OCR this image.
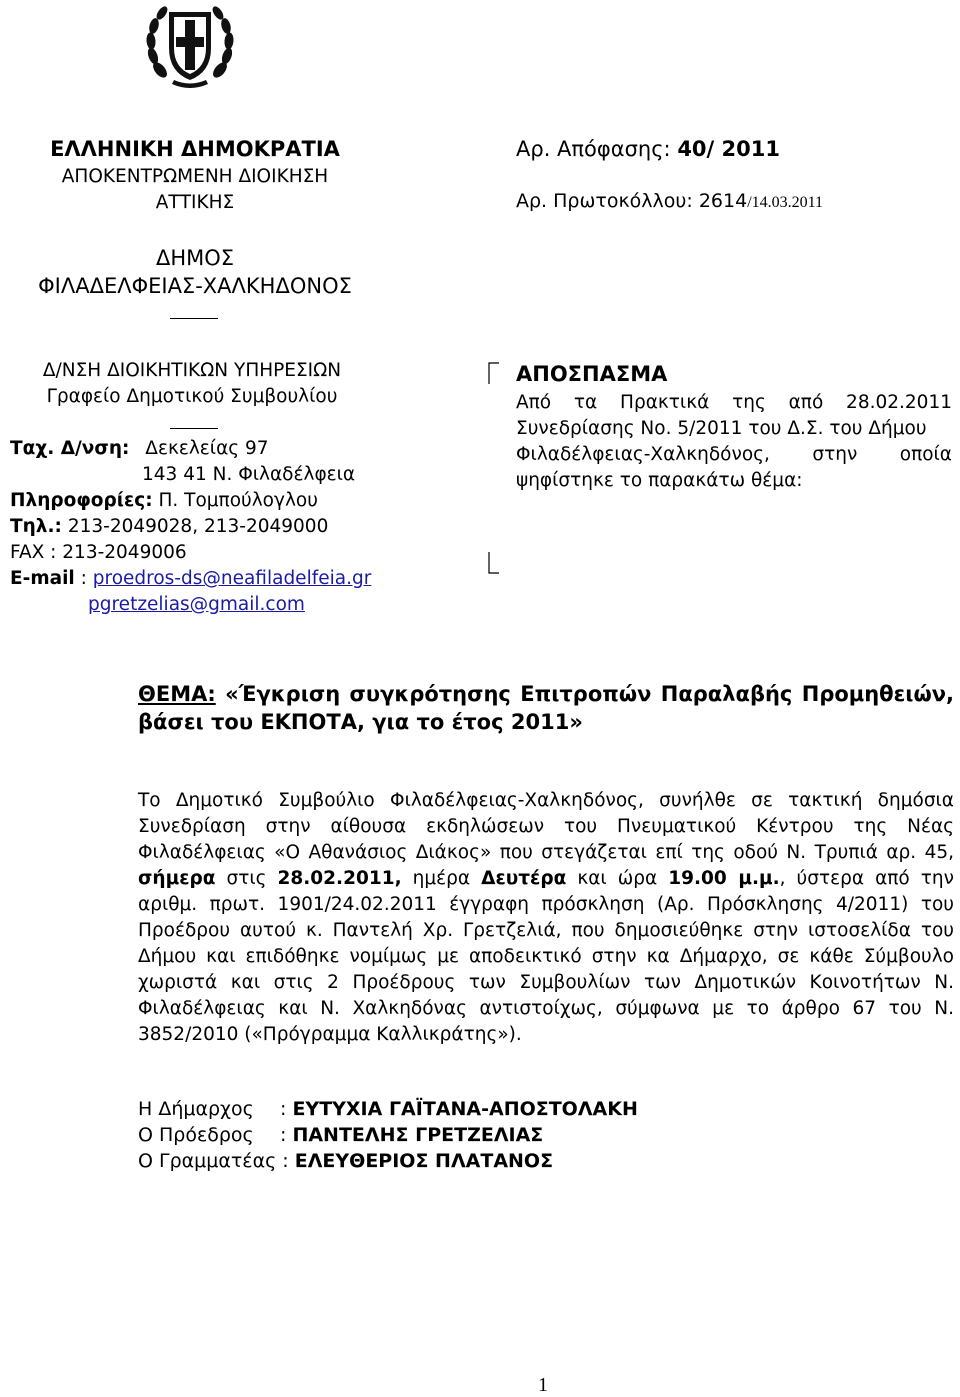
ΕΛΛΗΝΙΚΗ ΔΗΜΟΚΡΑΤΙΑ
ΑΠΟΚΕΝΤΡΩΜΕΝΗ ΔΙΟΙΚΗΣΗ
ΑΤΤΙΚΗΣ
ΔΗΜΟΣ
ΦΙΛΑΔΕΛΦΕΙΑΣ-ΧΑΛΚΗΔΟΝΟΣ
Δ/ΝΣΗ ΔΙΟΙΚΗΤΙΚΩΝ ΥΠΗΡΕΣΙΩΝ
Γραφείο Δημοτικού Συμβουλίου
Ταχ. Δ/νση: Δεκελείας 97
143 41 Ν. Φιλαδέλφεια
Πληροφορίες: Π. Τομπούλογλου
Τηλ.: 213-2049028, 213-2049000
FAX : 213-2049006
E-mail : proedros-ds@neafiladelfeia.gr
pgretzelias@gmail.com
Αρ. Απόφασης: 40/ 2011
Αρ. Πρωτοκόλλου: 2614/14.03.2011
ΑΠΟΣΠΑΣΜΑ
Από τα Πρακτικά της από 28.02.2011
Συνεδρίασης Νο. 5/2011 του Δ.Σ. του Δήμου
Φιλαδέλφειας-Χαλκηδόνος, στην οποία
ψηφίστηκε το παρακάτω θέμα:
ΘΕΜΑ: «Έγκριση συγκρότησης Επιτροπών Παραλαβής Προμηθειών,
βάσει του ΕΚΠΟΤΑ, για το έτος 2011»
Το Δημοτικό Συμβούλιο Φιλαδέλφειας-Χαλκηδόνος, συνήλθε σε τακτική δημόσια
Συνεδρίαση στην αίθουσα εκδηλώσεων του Πνευματικού Κέντρου της Νέας
Φιλαδέλφειας «Ο Αθανάσιος Διάκος» που στεγάζεται επί της οδού Ν. Τρυπιά αρ. 45,
σήμερα στις 28.02.2011, ημέρα Δευτέρα και ώρα 19.00 μ.μ., ύστερα από την
αριθμ. πρωτ. 1901/24.02.2011 έγγραφη πρόσκληση (Αρ. Πρόσκλησης 4/2011) του
Προέδρου αυτού κ. Παντελή Χρ. Γρετζελιά, που δημοσιεύθηκε στην ιστοσελίδα του
Δήμου και επιδόθηκε νομίμως με αποδεικτικό στην κα Δήμαρχο, σε κάθε Σύμβουλο
χωριστά και στις 2 Προέδρους των Συμβουλίων των Δημοτικών Κοινοτήτων Ν.
Φιλαδέλφειας και Ν. Χαλκηδόνας αντιστοίχως, σύμφωνα με το άρθρο 67 του Ν.
3852/2010 («Πρόγραμμα Καλλικράτης»).
Η Δήμαρχος : ΕΥΤΥΧΙΑ ΓΑΪΤΑΝΑ-ΑΠΟΣΤΟΛΑΚΗ
Ο Πρόεδρος : ΠΑΝΤΕΛΗΣ ΓΡΕΤΖΕΛΙΑΣ
Ο Γραμματέας : ΕΛΕΥΘΕΡΙΟΣ ΠΛΑΤΑΝΟΣ
1
